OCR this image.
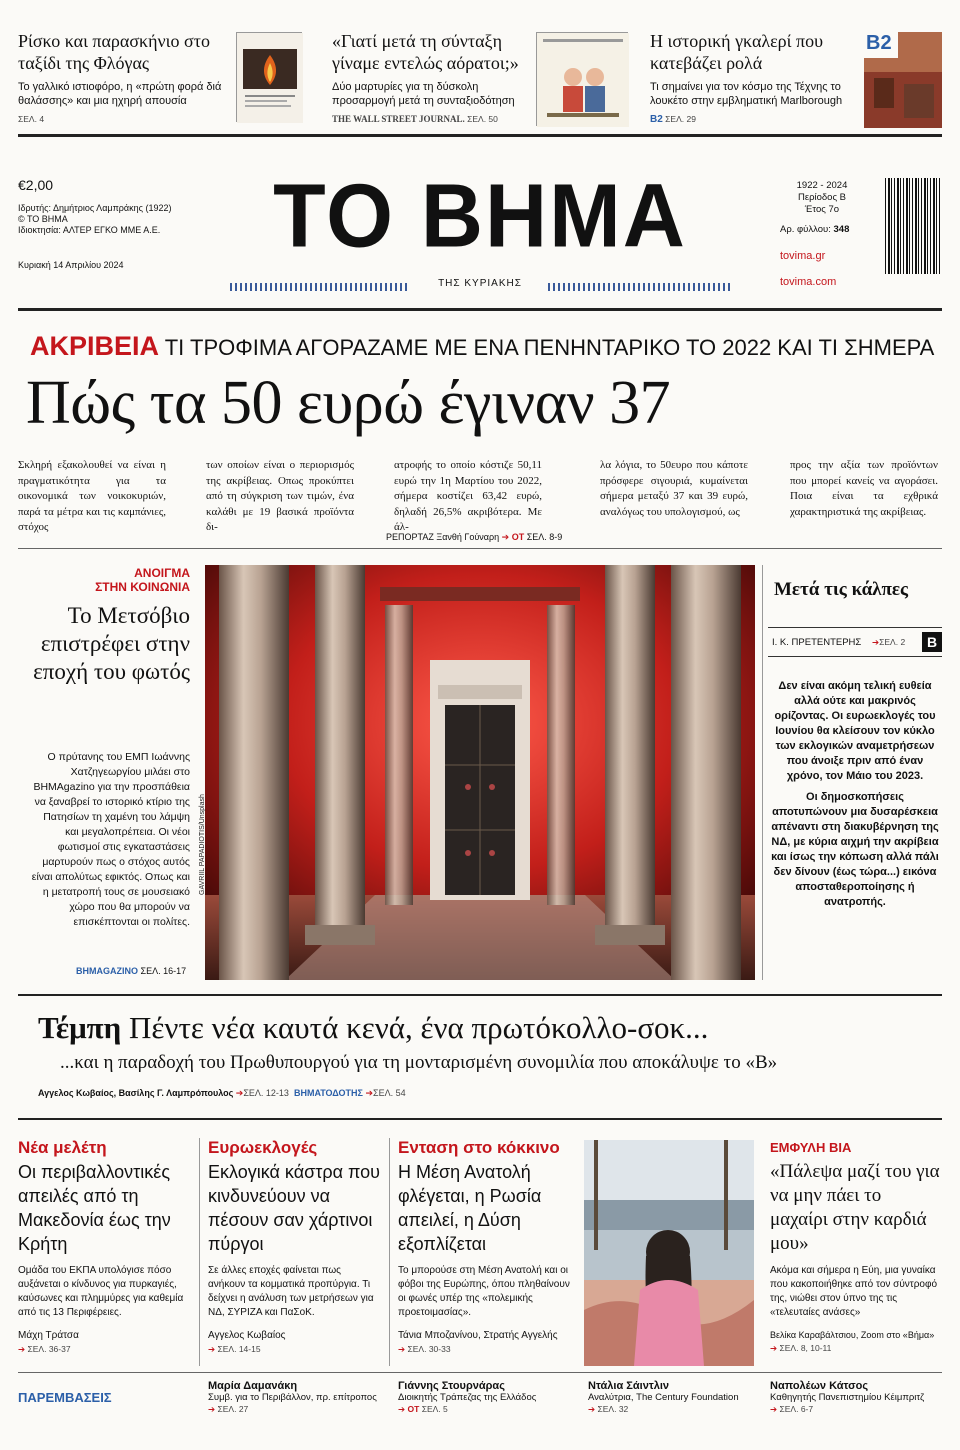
Ρίσκο και παρασκήνιο στο ταξίδι της Φλόγας
Το γαλλικό ιστιοφόρο, η «πρώτη φορά διά θαλάσσης» και μια ηχηρή απουσία
ΣΕΛ. 4
«Γιατί μετά τη σύνταξη γίναμε εντελώς αόρατοι;»
Δύο μαρτυρίες για τη δύσκολη προσαρμογή μετά τη συνταξιοδότηση
THE WALL STREET JOURNAL. ΣΕΛ. 50
Η ιστορική γκαλερί που κατεβάζει ρολά
Τι σημαίνει για τον κόσμο της Τέχνης το λουκέτο στην εμβληματική Marlborough
B2 ΣΕΛ. 29
B2
€2,00
Ιδρυτής: Δημήτριος Λαμπράκης (1922)
© ΤΟ ΒΗΜΑ
Ιδιοκτησία: ΑΛΤΕΡ ΕΓΚΟ ΜΜΕ Α.Ε.
Κυριακή 14 Απριλίου 2024	ΤΟ ΒΗΜΑ
ΤΗΣ ΚΥΡΙΑΚΗΣ
1922 - 2024
Περίοδος Β
Έτος 7ο
Αρ. φύλλου: 348
tovima.gr
tovima.com
ΑΚΡΙΒΕΙΑ ΤΙ ΤΡΟΦΙΜΑ ΑΓΟΡΑΖΑΜΕ ΜΕ ΕΝΑ ΠΕΝΗΝΤΑΡΙΚΟ ΤΟ 2022 ΚΑΙ ΤΙ ΣΗΜΕΡΑ
Πώς τα 50 ευρώ έγιναν 37
Σκληρή εξακολουθεί να είναι η πραγματικότητα για τα οικονομικά των νοικοκυριών, παρά τα μέτρα και τις καμπάνιες, στόχος
των οποίων είναι ο περιορισμός της ακρίβειας. Οπως προκύπτει από τη σύγκριση των τιμών, ένα καλάθι με 19 βασικά προϊόντα δι-
ατροφής το οποίο κόστιζε 50,11 ευρώ την 1η Μαρτίου του 2022, σήμερα κοστίζει 63,42 ευρώ, δηλαδή 26,5% ακριβότερα. Με άλ-
λα λόγια, το 50ευρο που κάποτε πρόσφερε σιγουριά, κυμαίνεται σήμερα μεταξύ 37 και 39 ευρώ, αναλόγως του υπολογισμού, ως
προς την αξία των προϊόντων που μπορεί κανείς να αγοράσει. Ποια είναι τα εχθρικά χαρακτηριστικά της ακρίβειας.
ΡΕΠΟΡΤΑΖ Ξανθή Γούναρη ➔ ΟΤ ΣΕΛ. 8-9
ΑΝΟΙΓΜΑ
ΣΤΗΝ ΚΟΙΝΩΝΙΑ
Το Μετσόβιο επιστρέφει στην εποχή του φωτός
Ο πρύτανης του ΕΜΠ Ιωάννης Χατζηγεωργίου μιλάει στο ΒΗΜAgazino για την προσπάθεια να ξαναβρεί το ιστορικό κτίριο της Πατησίων τη χαμένη του λάμψη και μεγαλοπρέπεια. Οι νέοι φωτισμοί στις εγκαταστάσεις μαρτυρούν πως ο στόχος αυτός είναι απολύτως εφικτός. Οπως και η μετατροπή τους σε μουσειακό χώρο που θα μπορούν να επισκέπτονται οι πολίτες.
ΒΗΜAGAZINO ΣΕΛ. 16-17
GAVRIIL PAPADIOTIS/Unsplash
Μετά τις κάλπες
Ι. Κ. ΠΡΕΤΕΝΤΕΡΗΣ ➔ΣΕΛ. 2	B
Δεν είναι ακόμη τελική ευθεία αλλά ούτε και μακρινός ορίζοντας. Οι ευρωεκλογές του Ιουνίου θα κλείσουν τον κύκλο των εκλογικών αναμετρήσεων που άνοιξε πριν από έναν χρόνο, τον Μάιο του 2023.
Οι δημοσκοπήσεις αποτυπώνουν μια δυσαρέσκεια απέναντι στη διακυβέρνηση της ΝΔ, με κύρια αιχμή την ακρίβεια και ίσως την κόπωση αλλά πάλι δεν δίνουν (έως τώρα...) εικόνα αποσταθεροποίησης ή ανατροπής.
Τέμπη Πέντε νέα καυτά κενά, ένα πρωτόκολλο-σοκ...
...και η παραδοχή του Πρωθυπουργού για τη μονταρισμένη συνομιλία που αποκάλυψε το «Β»
Αγγελος Κωβαίος, Βασίλης Γ. Λαμπρόπουλος ➔ΣΕΛ. 12-13 ΒΗΜΑΤΟΔΟΤΗΣ ➔ΣΕΛ. 54
Νέα μελέτη
Οι περιβαλλοντικές απειλές από τη Μακεδονία έως την Κρήτη
Ομάδα του ΕΚΠΑ υπολόγισε πόσο αυξάνεται ο κίνδυνος για πυρκαγιές, καύσωνες και πλημμύρες για καθεμία από τις 13 Περιφέρειες.
Μάχη Τράτσα
➔ ΣΕΛ. 36-37
Ευρωεκλογές
Εκλογικά κάστρα που κινδυνεύουν να πέσουν σαν χάρτινοι πύργοι
Σε άλλες εποχές φαίνεται πως ανήκουν τα κομματικά προπύργια. Τι δείχνει η ανάλυση των μετρήσεων για ΝΔ, ΣΥΡΙΖΑ και ΠαΣοΚ.
Αγγελος Κωβαίος
➔ ΣΕΛ. 14-15
Ενταση στο κόκκινο
Η Μέση Ανατολή φλέγεται, η Ρωσία απειλεί, η Δύση εξοπλίζεται
Το μπορούσε στη Μέση Ανατολή και οι φόβοι της Ευρώπης, όπου πληθαίνουν οι φωνές υπέρ της «πολεμικής προετοιμασίας».
Τάνια Μποζανίνου, Στρατής Αγγελής
➔ ΣΕΛ. 30-33
ΕΜΦΥΛΗ ΒΙΑ
«Πάλεψα μαζί του για να μην πάει το μαχαίρι στην καρδιά μου»
Ακόμα και σήμερα η Εύη, μια γυναίκα που κακοποιήθηκε από τον σύντροφό της, νιώθει στον ύπνο της τις «τελευταίες ανάσες»
Βελίκα Καραβάλτσιου, Ζοom στο «Βήμα»
➔ ΣΕΛ. 8, 10-11
ΠΑΡΕΜΒΑΣΕΙΣ
Μαρία Δαμανάκη
Συμβ. για το Περιβάλλον, πρ. επίτροπος
➔ ΣΕΛ. 27
Γιάννης Στουρνάρας
Διοικητής Τράπεζας της Ελλάδος
➔ ΟΤ ΣΕΛ. 5
Ντάλια Σάιντλιν
Αναλύτρια, The Century Foundation
➔ ΣΕΛ. 32
Ναπολέων Κάτσος
Καθηγητής Πανεπιστημίου Κέιμπριτζ
➔ ΣΕΛ. 6-7
